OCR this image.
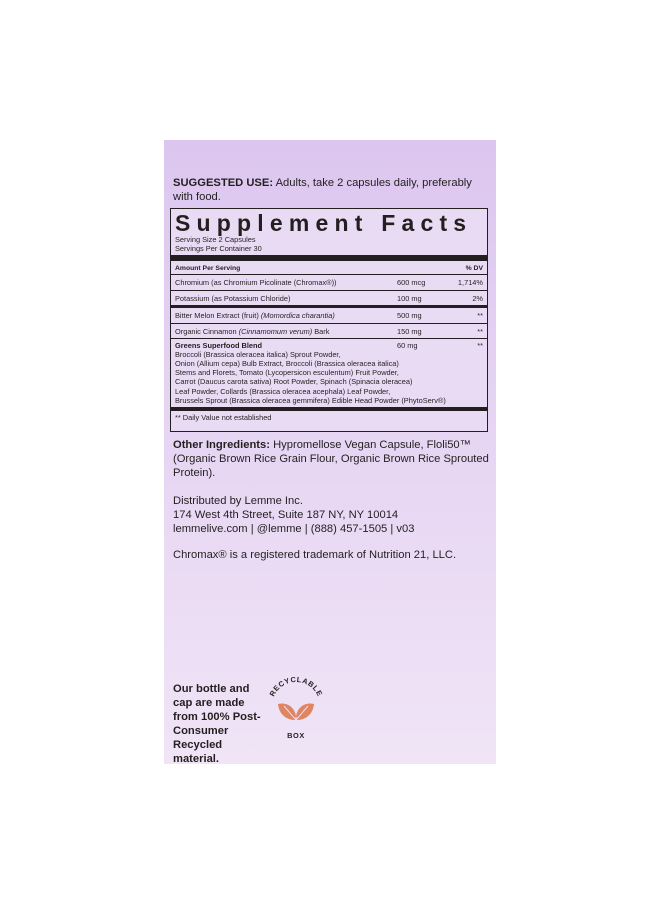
SUGGESTED USE: Adults, take 2 capsules daily, preferably with food.
Supplement Facts
Serving Size 2 Capsules
Servings Per Container 30
Amount Per Serving	% DV
Chromium (as Chromium Picolinate (Chromax®))	600 mcg	1,714%
Potassium (as Potassium Chloride)	100 mg	2%
Bitter Melon Extract (fruit) (Momordica charantia)	500 mg	**
Organic Cinnamon (Cinnamomum verum) Bark	150 mg	**
Greens Superfood Blend	60 mg	**
Broccoli (Brassica oleracea italica) Sprout Powder,
Onion (Allium cepa) Bulb Extract, Broccoli (Brassica oleracea italica)
Stems and Florets, Tomato (Lycopersicon esculentum) Fruit Powder,
Carrot (Daucus carota sativa) Root Powder, Spinach (Spinacia oleracea)
Leaf Powder, Collards (Brassica oleracea acephala) Leaf Powder,
Brussels Sprout (Brassica oleracea gemmifera) Edible Head Powder (PhytoServ®)
** Daily Value not established
Other Ingredients: Hypromellose Vegan Capsule, Floli50™ (Organic Brown Rice Grain Flour, Organic Brown Rice Sprouted Protein).
Distributed by Lemme Inc.
174 West 4th Street, Suite 187 NY, NY 10014
lemmelive.com | @lemme | (888) 457-1505 | v03
Chromax® is a registered trademark of Nutrition 21, LLC.
Our bottle and cap are made from 100% Post-Consumer Recycled material.
RECYCLABLE
BOX
